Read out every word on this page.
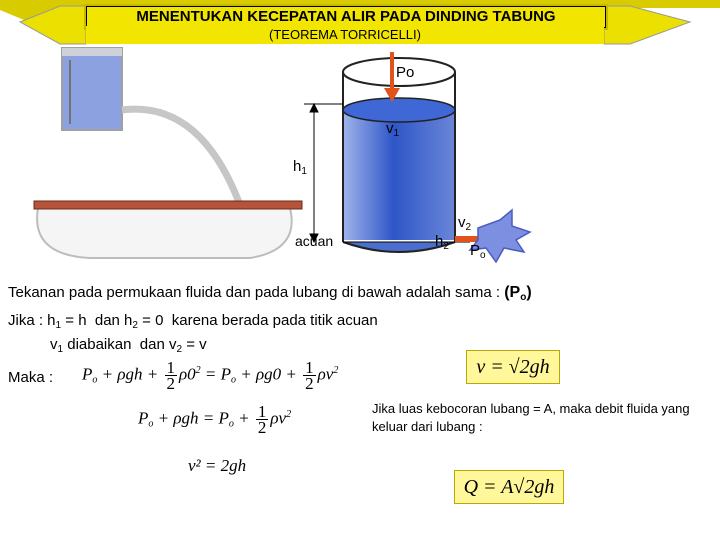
MENENTUKAN KECEPATAN ALIR PADA DINDING TABUNG
(TEOREMA TORRICELLI)
Po
$v_1$
$h_1$
acuan
$v_2$
$h_2$ $P_o$
Tekanan pada permukaan fluida dan pada lubang di bawah adalah sama : $(P_o)$
Jika : $h_1 = h$  dan $h_2 = 0$  karena berada pada titik acuan
$v_1$ diabaikan  dan $v_2 = v$
Maka : $P_o + \rho gh + \frac{1}{2} \rho 0^2 = P_o + \rho g0 + \frac{1}{2} \rho v^2$
$P_o + \rho gh = P_o + \frac{1}{2} \rho v^2$
v² = 2gh
v = √2gh
Jika luas kebocoran lubang = A, maka debit fluida yang keluar dari lubang :
Q = A√2gh
